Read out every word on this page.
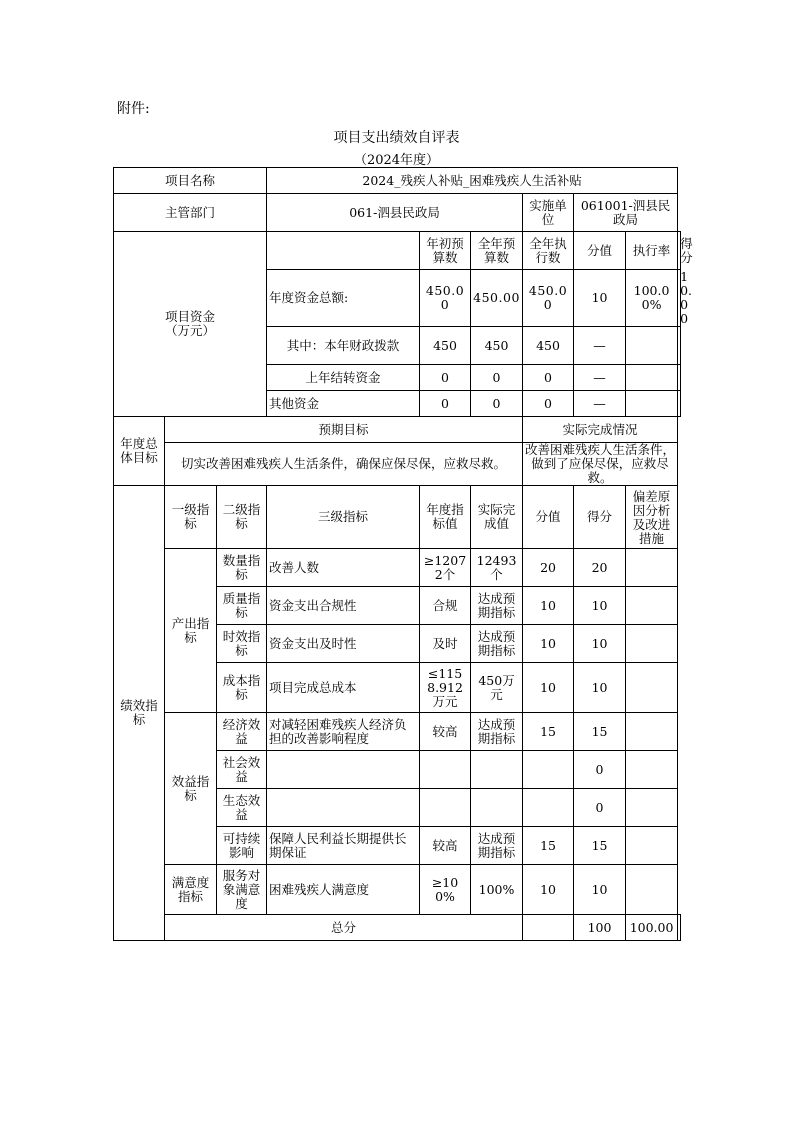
附件:
项目支出绩效自评表
（2024年度）
项目名称			2024_残疾人补贴_困难残疾人生活补贴						
主管部门			061-泗县民政局			实施单位	061001-泗县民政局		
项目资金
（万元）				年初预算数	全年预算数	全年执行数	分值	执行率	得分
			年度资金总额:	450.00	450.00	450.00	10	100.00%	10.00
			其中：本年财政拨款	450	450	450	—		
			上年结转资金	0	0	0	—		
			其他资金	0	0	0	—		
年度总体目标	预期目标					实际完成情况			
	切实改善困难残疾人生活条件，确保应保尽保，应救尽救。					改善困难残疾人生活条件，做到了应保尽保，应救尽救。			
绩效指标	一级指标	二级指标	三级指标	年度指标值	实际完成值	分值	得分	偏差原因分析及改进措施	
	产出指标	数量指标	改善人数	≥12072个	12493个	20	20		
		质量指标	资金支出合规性	合规	达成预期指标	10	10		
		时效指标	资金支出及时性	及时	达成预期指标	10	10		
		成本指标	项目完成总成本	≤1158.912万元	450万元	10	10		
	效益指标	经济效益	对减轻困难残疾人经济负担的改善影响程度	较高	达成预期指标	15	15		
		社会效益					0		
		生态效益					0		
		可持续影响	保障人民利益长期提供长期保证	较高	达成预期指标	15	15		
	满意度指标	服务对象满意度	困难残疾人满意度	≥100%	100%	10	10		
	总分						100	100.00	
